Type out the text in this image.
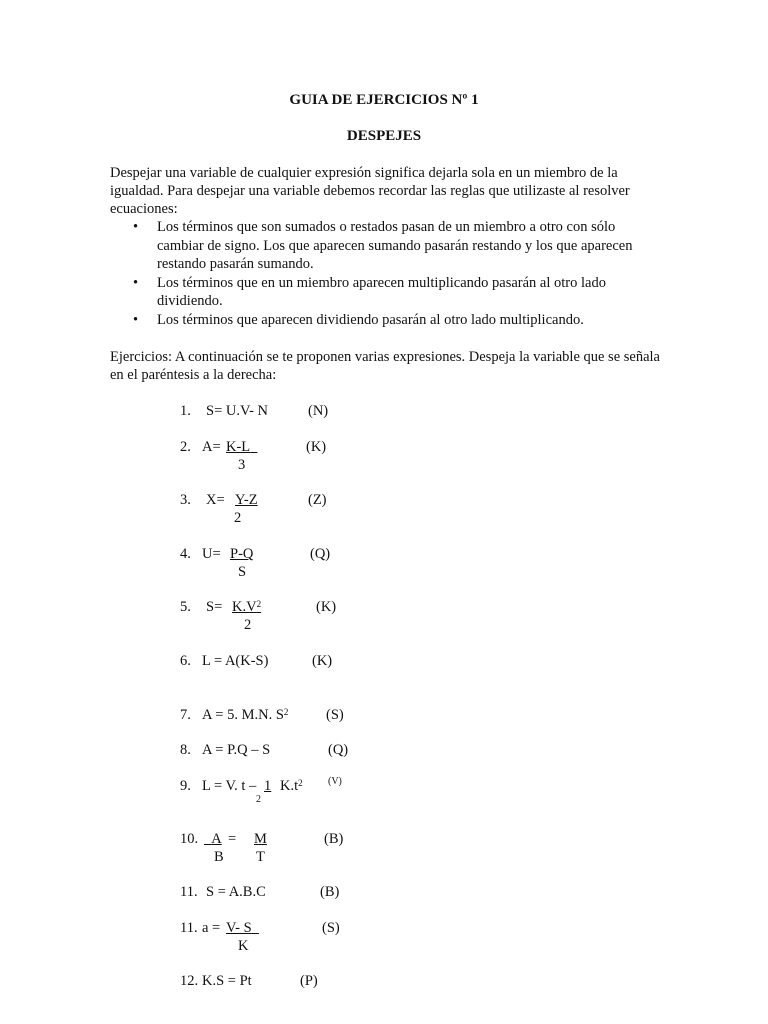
GUIA DE EJERCICIOS Nº 1
DESPEJES
Despejar una variable de cualquier expresión significa dejarla sola en un miembro de la igualdad. Para despejar una variable debemos recordar las reglas que utilizaste al resolver ecuaciones:
• Los términos que son sumados o restados pasan de un miembro a otro con sólo cambiar de signo. Los que aparecen sumando pasarán restando y los que aparecen restando pasarán sumando.
• Los términos que en un miembro aparecen multiplicando pasarán al otro lado dividiendo.
• Los términos que aparecen dividiendo pasarán al otro lado multiplicando.
Ejercicios: A continuación se te proponen varias expresiones. Despeja la variable que se señala en el paréntesis a la derecha:
1. S= U.V- N	(N)
2. A= K-L
3
(K)
3. X= Y-Z
2
(Z)
4. U= P-Q
S
(Q)
5. $S= K.V^2$
2
(K)
6. L = A(K-S)	(K)
7. A = 5. M.N. $S^2$	(S)
8. A = P.Q – S	(Q)
9. L = V. t – 1
2
$K.t^2$	(V)
10. A =
B
M
T
(B)
11. S = A.B.C	(B)
11. a = V- S
K
(S)
12. K.S = Pt	(P)
